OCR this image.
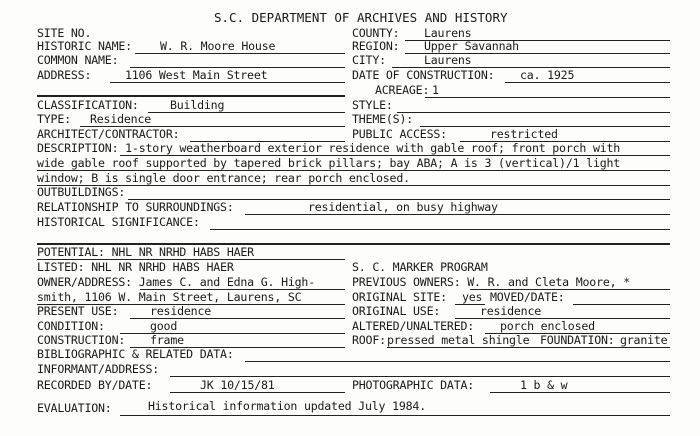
S.C. DEPARTMENT OF ARCHIVES AND HISTORY
SITE NO.
HISTORIC NAME: W. R. Moore House
COMMON NAME:
ADDRESS:	1106 West Main Street
CLASSIFICATION:	Building
TYPE: Residence
ARCHITECT/CONTRACTOR:
COUNTY: Laurens
REGION: Upper Savannah
CITY:	Laurens
DATE OF CONSTRUCTION: ca. 1925
ACREAGE: 1
STYLE:
THEME(S):
PUBLIC ACCESS:	restricted
DESCRIPTION: 1-story weatherboard exterior residence with gable roof; front porch with
wide gable roof supported by tapered brick pillars; bay ABA; A is 3 (vertical)/1 light
window; B is single door entrance; rear porch enclosed.
OUTBUILDINGS:
RELATIONSHIP TO SURROUNDINGS:	residential, on busy highway
HISTORICAL SIGNIFICANCE:
POTENTIAL: NHL NR NRHD HABS HAER
LISTED: NHL NR NRHD HABS HAER
OWNER/ADDRESS: James C. and Edna G. High-
smith, 1106 W. Main Street, Laurens, SC
PRESENT USE:	residence
CONDITION:	good
CONSTRUCTION: frame
S. C. MARKER PROGRAM
PREVIOUS OWNERS: W. R. and Cleta Moore, *
ORIGINAL SITE: yes MOVED/DATE:
ORIGINAL USE:	residence
ALTERED/UNALTERED: porch enclosed
ROOF: pressed metal shingle FOUNDATION: granite
BIBLIOGRAPHIC & RELATED DATA:
INFORMANT/ADDRESS:
RECORDED BY/DATE:	JK 10/15/81	PHOTOGRAPHIC DATA:	1 b & w
EVALUATION:	Historical information updated July 1984.
